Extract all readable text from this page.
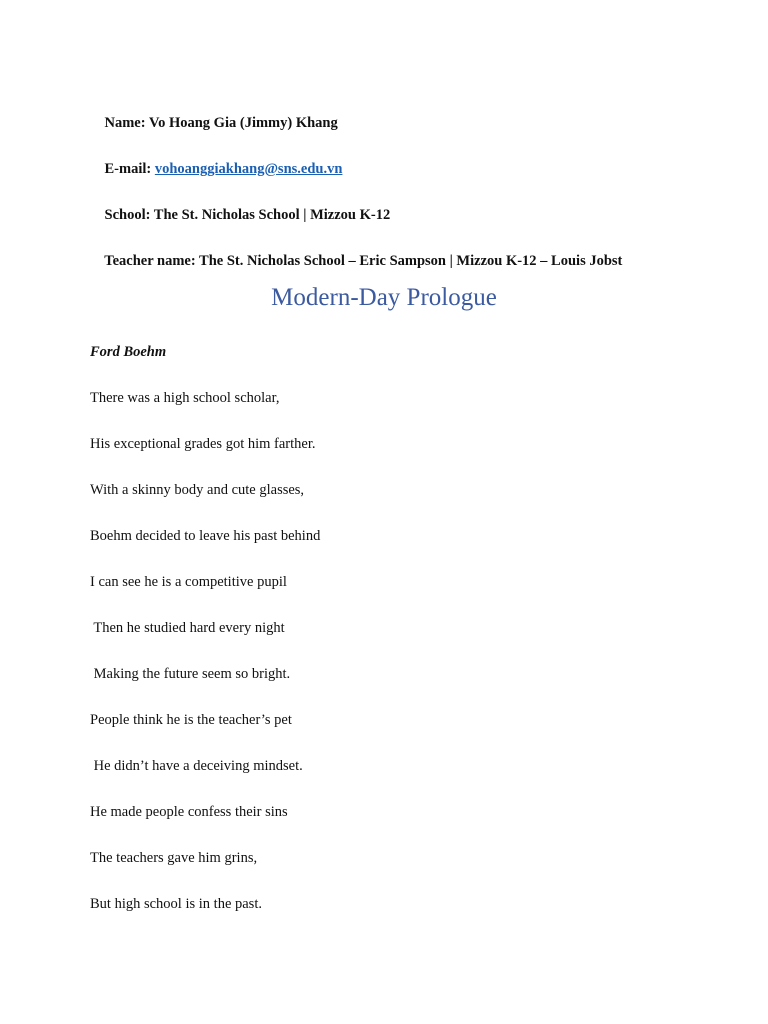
Name: Vo Hoang Gia (Jimmy) Khang

E-mail: vohoanggiakhang@sns.edu.vn

School: The St. Nicholas School | Mizzou K-12

Teacher name: The St. Nicholas School – Eric Sampson | Mizzou K-12 – Louis Jobst

Modern-Day Prologue
Ford Boehm
There was a high school scholar,
His exceptional grades got him farther.
With a skinny body and cute glasses,
Boehm decided to leave his past behind
I can see he is a competitive pupil
Then he studied hard every night
Making the future seem so bright.
People think he is the teacher’s pet
He didn’t have a deceiving mindset.
He made people confess their sins
The teachers gave him grins,
But high school is in the past.
